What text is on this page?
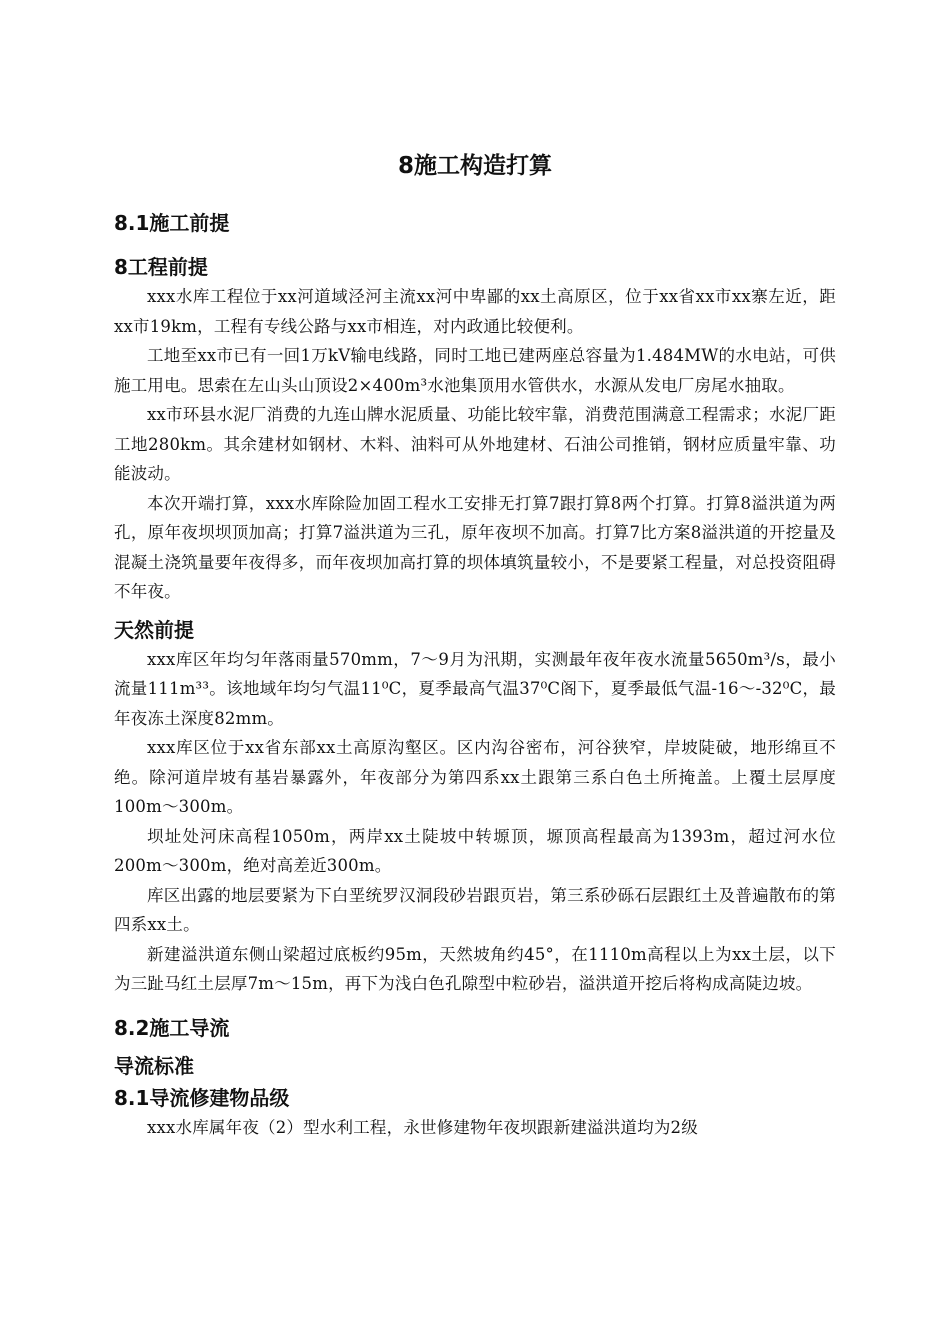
8施工构造打算
8.1施工前提
8工程前提

xxx水库工程位于xx河道域泾河主流xx河中卑鄙的xx土高原区，位于xx省xx市xx寨左近，距xx市19km，工程有专线公路与xx市相连，对内政通比较便利。

工地至xx市已有一回1万kV输电线路，同时工地已建两座总容量为1.484MW的水电站，可供施工用电。思索在左山头山顶设2×400m³水池集顶用水管供水，水源从发电厂房尾水抽取。

xx市环县水泥厂消费的九连山牌水泥质量、功能比较牢靠，消费范围满意工程需求；水泥厂距工地280km。其余建材如钢材、木料、油料可从外地建材、石油公司推销，钢材应质量牢靠、功能波动。

本次开端打算，xxx水库除险加固工程水工安排无打算7跟打算8两个打算。打算8溢洪道为两孔，原年夜坝坝顶加高；打算7溢洪道为三孔，原年夜坝不加高。打算7比方案8溢洪道的开挖量及混凝土浇筑量要年夜得多，而年夜坝加高打算的坝体填筑量较小，不是要紧工程量，对总投资阻碍不年夜。

天然前提

xxx库区年均匀年落雨量570mm，7～9月为汛期，实测最年夜年夜水流量5650m³/s，最小流量111m³³。该地域年均匀气温11⁰C，夏季最高气温37⁰C阁下，夏季最低气温-16～-32⁰C，最年夜冻土深度82mm。

xxx库区位于xx省东部xx土高原沟壑区。区内沟谷密布，河谷狭窄，岸坡陡破，地形绵亘不绝。除河道岸坡有基岩暴露外，年夜部分为第四系xx土跟第三系白色土所掩盖。上覆土层厚度100m～300m。

坝址处河床高程1050m，两岸xx土陡坡中转塬顶，塬顶高程最高为1393m，超过河水位200m～300m，绝对高差近300m。

库区出露的地层要紧为下白垩统罗汉洞段砂岩跟页岩，第三系砂砾石层跟红土及普遍散布的第四系xx土。

新建溢洪道东侧山梁超过底板约95m，天然坡角约45°，在1110m高程以上为xx土层，以下为三趾马红土层厚7m～15m，再下为浅白色孔隙型中粒砂岩，溢洪道开挖后将构成高陡边坡。

8.2施工导流
导流标准
8.1导流修建物品级

xxx水库属年夜（2）型水利工程，永世修建物年夜坝跟新建溢洪道均为2级
